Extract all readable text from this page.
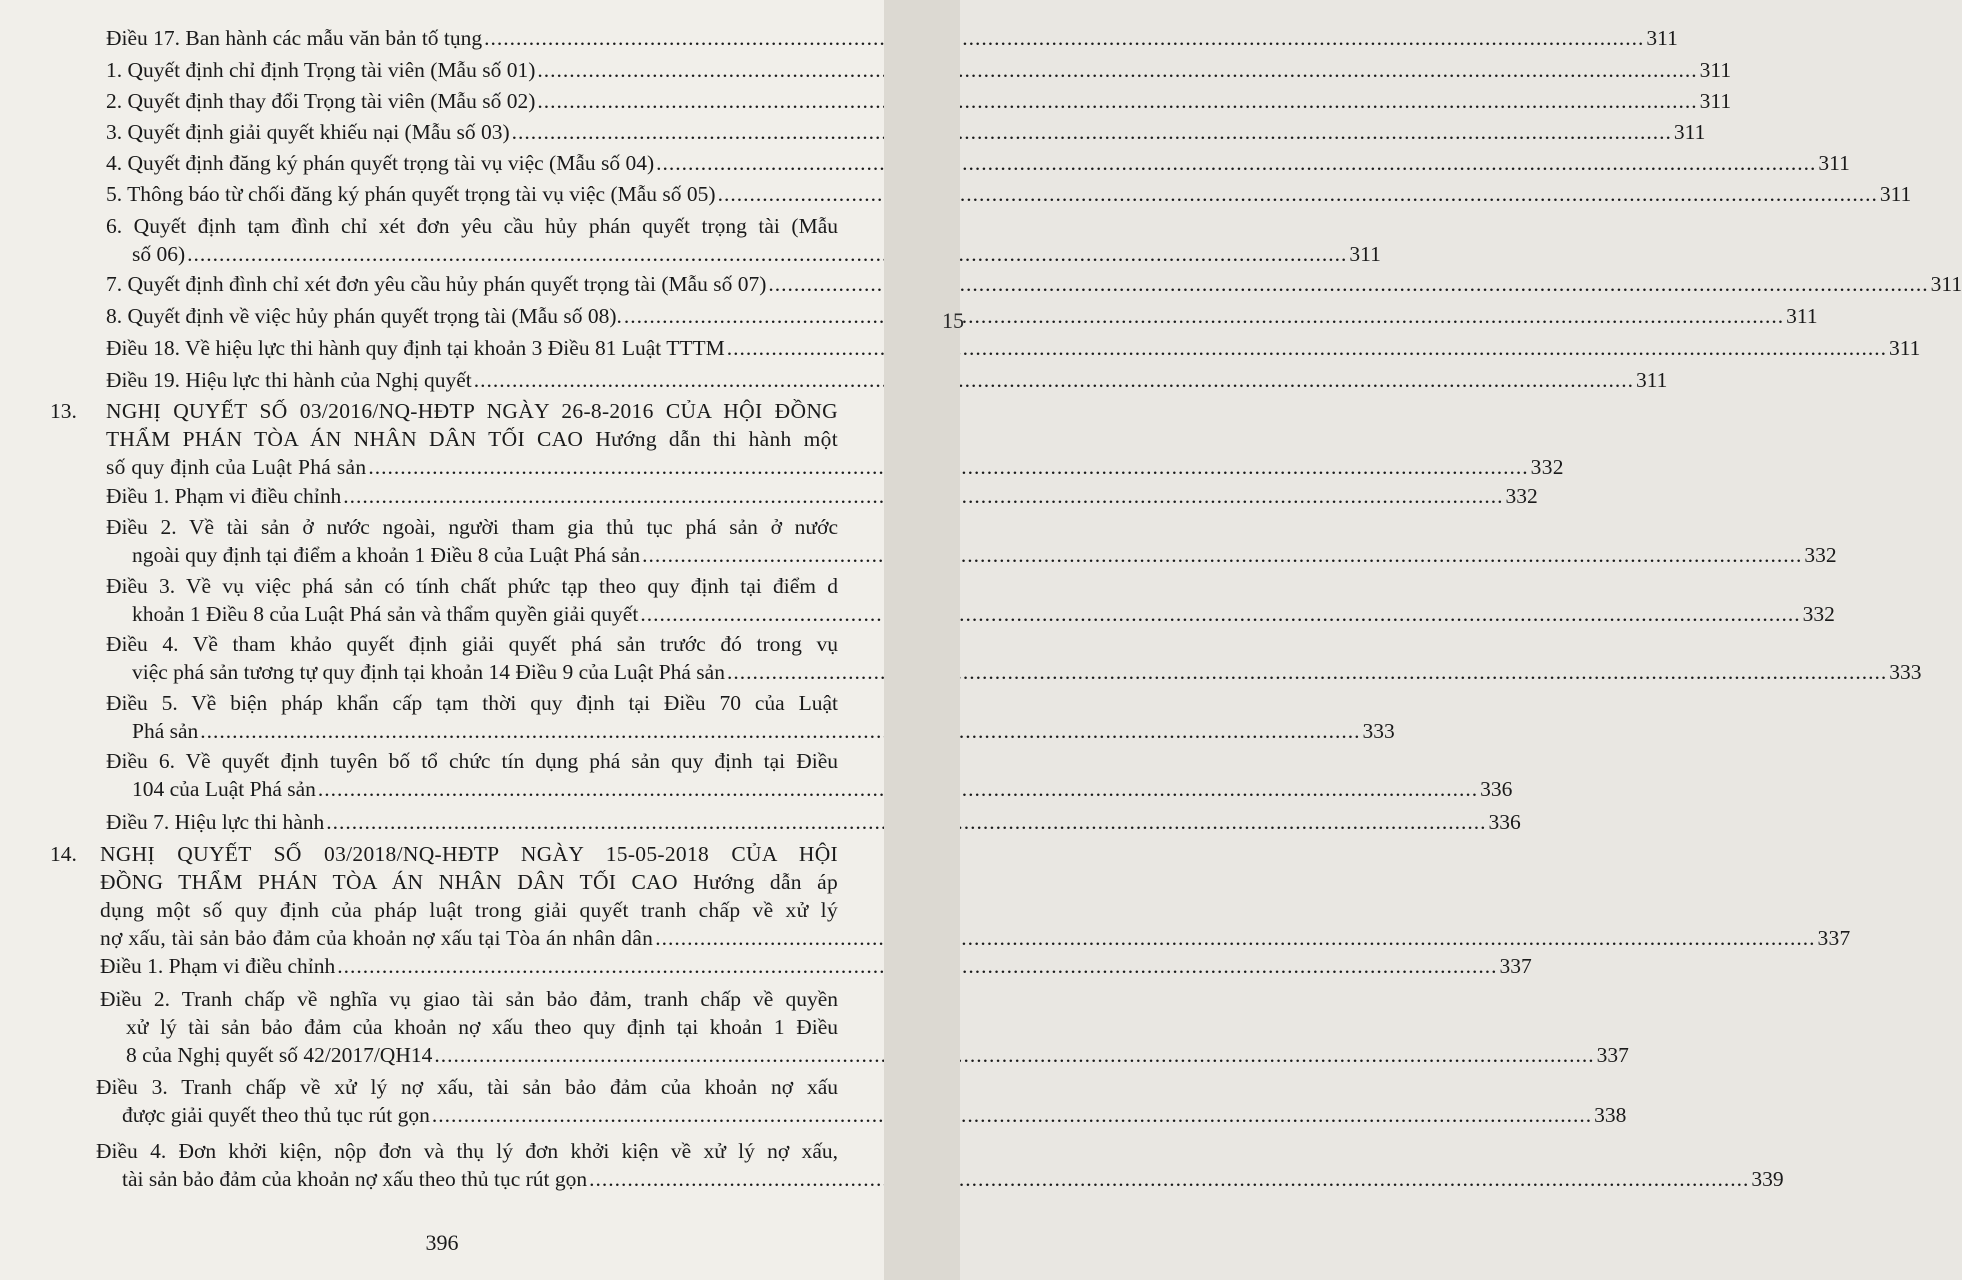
Điều 17. Ban hành các mẫu văn bản tố tụng .....	311
1. Quyết định chỉ định Trọng tài viên (Mẫu số 01) .....	311
2. Quyết định thay đổi Trọng tài viên (Mẫu số 02) .....	311
3. Quyết định giải quyết khiếu nại (Mẫu số 03) .....	311
4. Quyết định đăng ký phán quyết trọng tài vụ việc (Mẫu số 04) .....	311
5. Thông báo từ chối đăng ký phán quyết trọng tài vụ việc (Mẫu số 05) .....	311
6. Quyết định tạm đình chỉ xét đơn yêu cầu hủy phán quyết trọng tài (Mẫu
số 06) .....	311
7. Quyết định đình chỉ xét đơn yêu cầu hủy phán quyết trọng tài (Mẫu số 07) .....	311
8. Quyết định về việc hủy phán quyết trọng tài (Mẫu số 08). .....	311
Điều 18. Về hiệu lực thi hành quy định tại khoản 3 Điều 81 Luật TTTM .....	311
Điều 19. Hiệu lực thi hành của Nghị quyết .....	311
13. NGHỊ QUYẾT SỐ 03/2016/NQ-HĐTP NGÀY 26-8-2016 CỦA HỘI ĐỒNG
THẨM PHÁN TÒA ÁN NHÂN DÂN TỐI CAO Hướng dẫn thi hành một
số quy định của Luật Phá sản .....	332
Điều 1. Phạm vi điều chỉnh .....	332
Điều 2. Về tài sản ở nước ngoài, người tham gia thủ tục phá sản ở nước
ngoài quy định tại điểm a khoản 1 Điều 8 của Luật Phá sản .....	332
Điều 3. Về vụ việc phá sản có tính chất phức tạp theo quy định tại điểm d
khoản 1 Điều 8 của Luật Phá sản và thẩm quyền giải quyết .....	332
Điều 4. Về tham khảo quyết định giải quyết phá sản trước đó trong vụ
việc phá sản tương tự quy định tại khoản 14 Điều 9 của Luật Phá sản .....	333
Điều 5. Về biện pháp khẩn cấp tạm thời quy định tại Điều 70 của Luật
Phá sản .....	333
Điều 6. Về quyết định tuyên bố tổ chức tín dụng phá sản quy định tại Điều
104 của Luật Phá sản .....	336
Điều 7. Hiệu lực thi hành .....	336
14. NGHỊ QUYẾT SỐ 03/2018/NQ-HĐTP NGÀY 15-05-2018 CỦA HỘI
ĐỒNG THẨM PHÁN TÒA ÁN NHÂN DÂN TỐI CAO Hướng dẫn áp
dụng một số quy định của pháp luật trong giải quyết tranh chấp về xử lý
nợ xấu, tài sản bảo đảm của khoản nợ xấu tại Tòa án nhân dân .....	337
Điều 1. Phạm vi điều chỉnh .....	337
Điều 2. Tranh chấp về nghĩa vụ giao tài sản bảo đảm, tranh chấp về quyền
xử lý tài sản bảo đảm của khoản nợ xấu theo quy định tại khoản 1 Điều
8 của Nghị quyết số 42/2017/QH14 .....	337
Điều 3. Tranh chấp về xử lý nợ xấu, tài sản bảo đảm của khoản nợ xấu
được giải quyết theo thủ tục rút gọn .....	338
Điều 4. Đơn khởi kiện, nộp đơn và thụ lý đơn khởi kiện về xử lý nợ xấu,
tài sản bảo đảm của khoản nợ xấu theo thủ tục rút gọn .....	339
396
15
